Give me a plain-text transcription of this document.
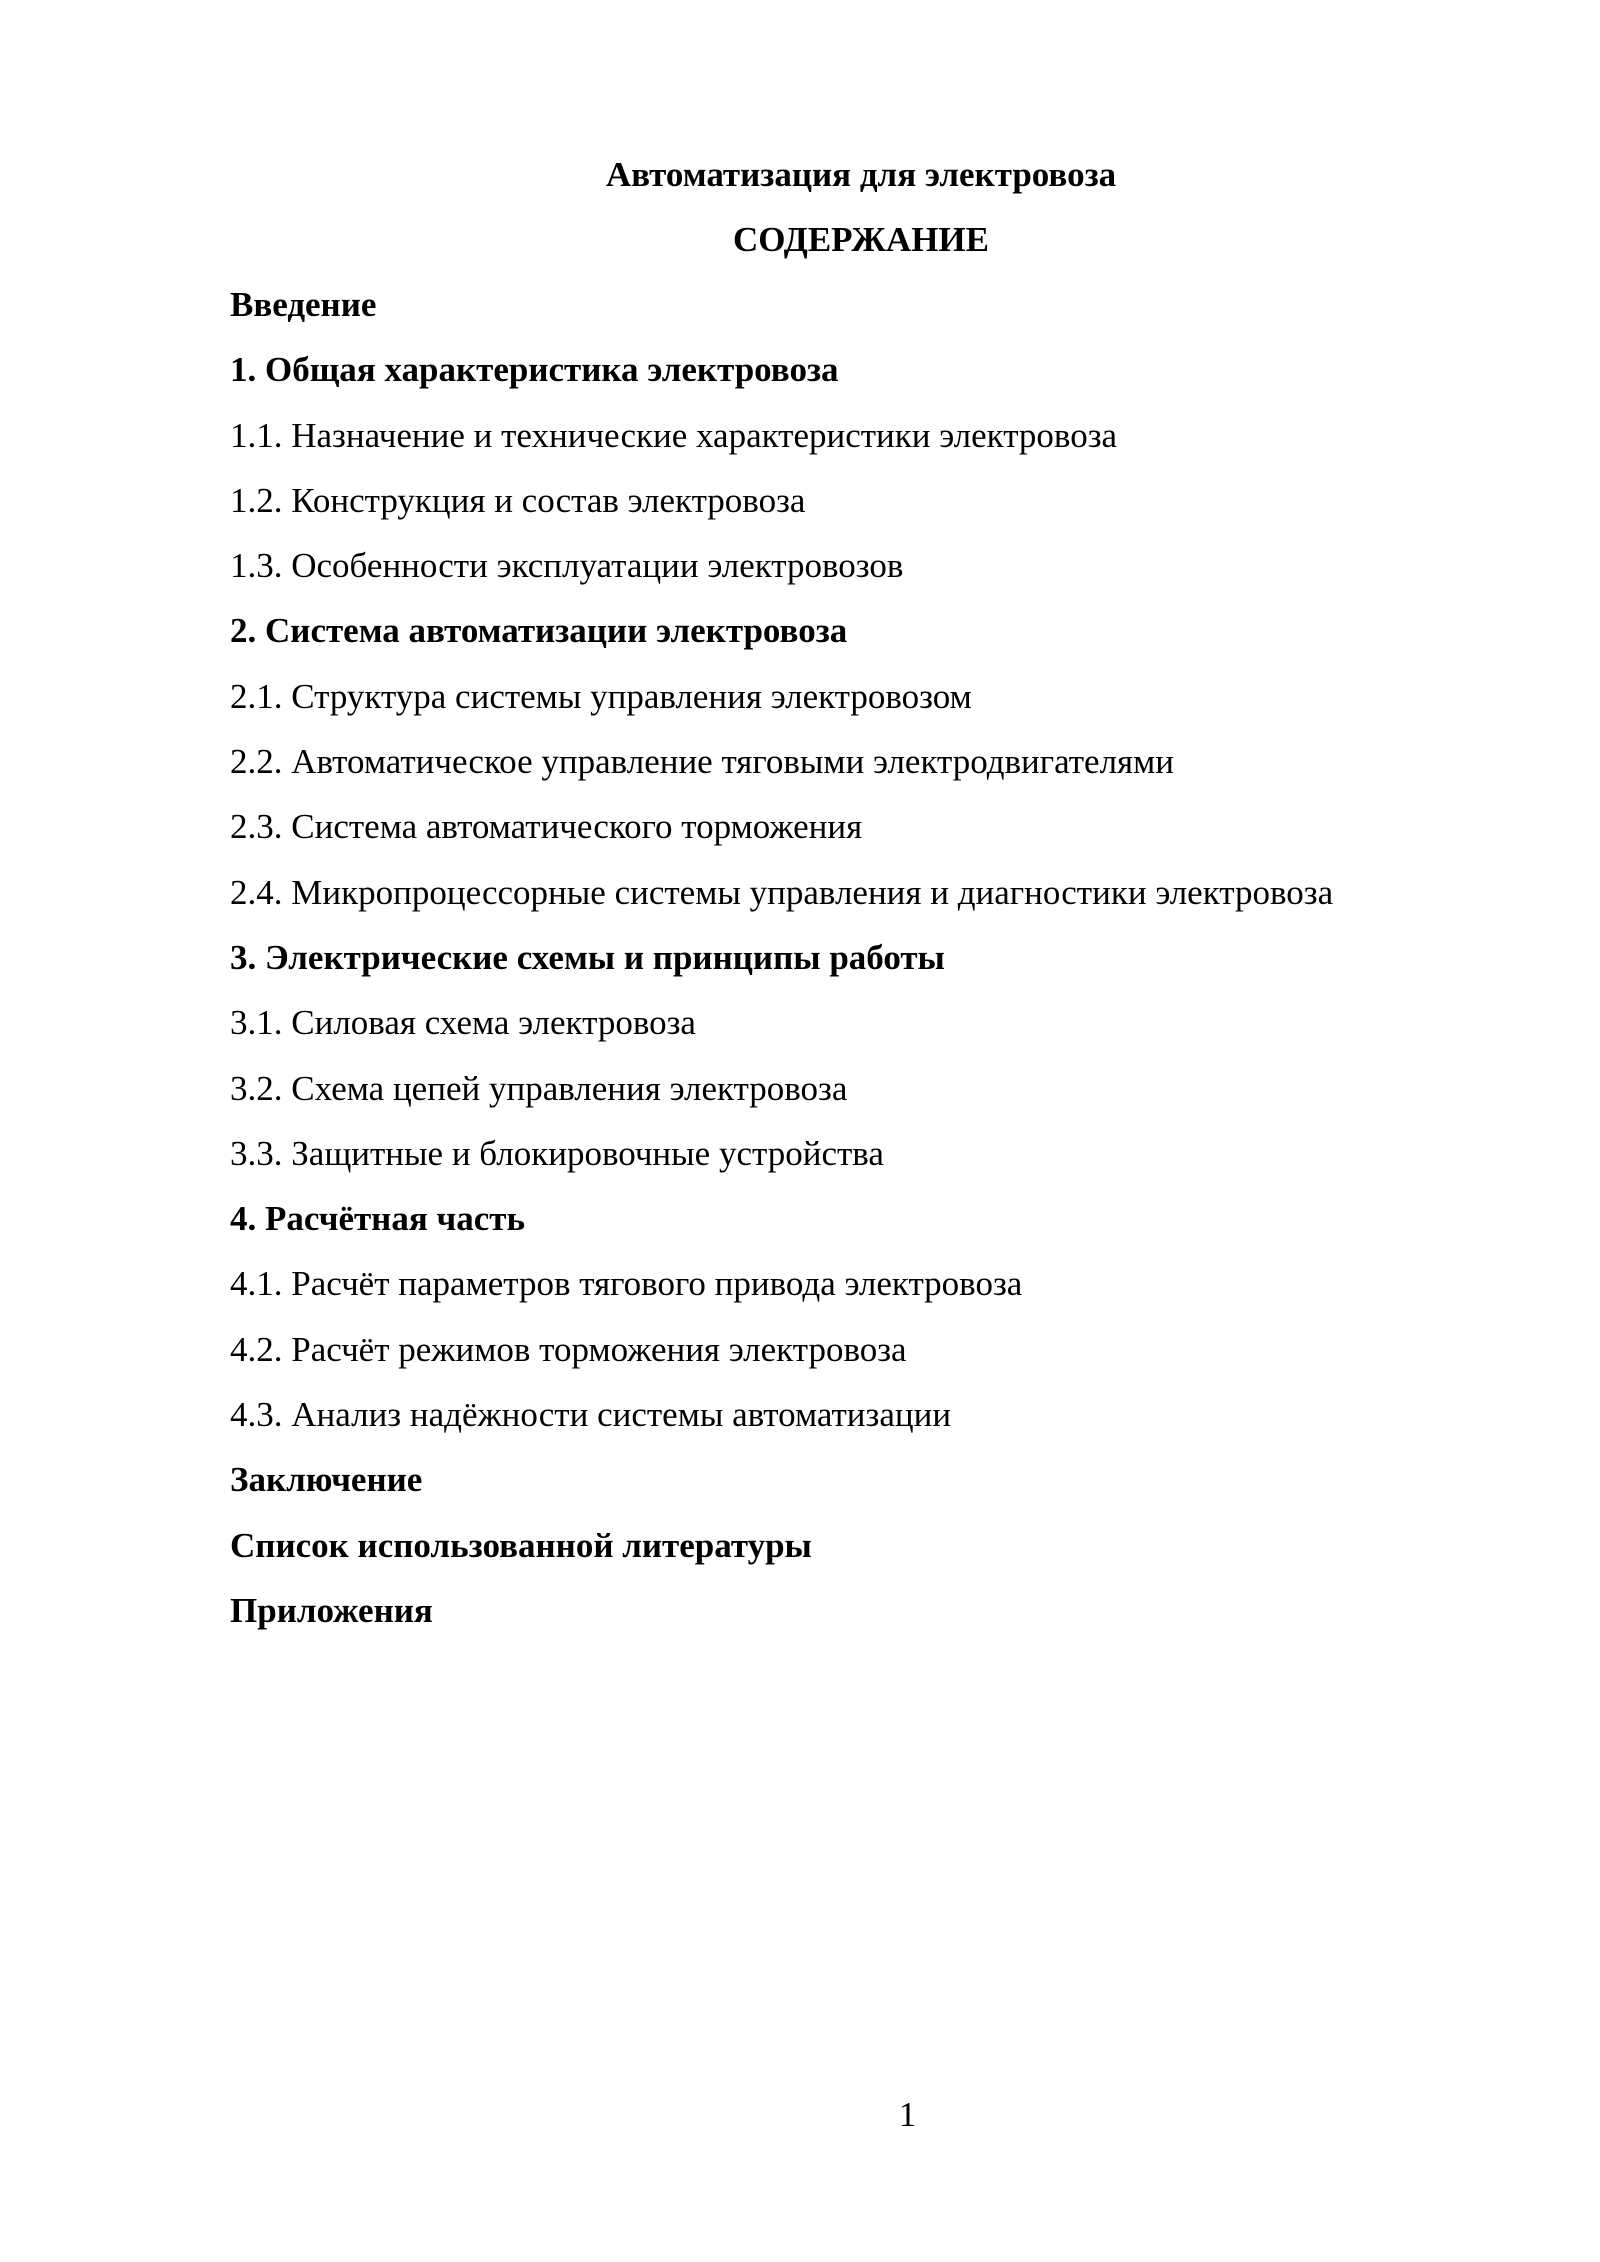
Автоматизация для электровоза
СОДЕРЖАНИЕ
Введение
1. Общая характеристика электровоза
1.1. Назначение и технические характеристики электровоза
1.2. Конструкция и состав электровоза
1.3. Особенности эксплуатации электровозов
2. Система автоматизации электровоза
2.1. Структура системы управления электровозом
2.2. Автоматическое управление тяговыми электродвигателями
2.3. Система автоматического торможения
2.4. Микропроцессорные системы управления и диагностики электровоза
3. Электрические схемы и принципы работы
3.1. Силовая схема электровоза
3.2. Схема цепей управления электровоза
3.3. Защитные и блокировочные устройства
4. Расчётная часть
4.1. Расчёт параметров тягового привода электровоза
4.2. Расчёт режимов торможения электровоза
4.3. Анализ надёжности системы автоматизации
Заключение
Список использованной литературы
Приложения
1
